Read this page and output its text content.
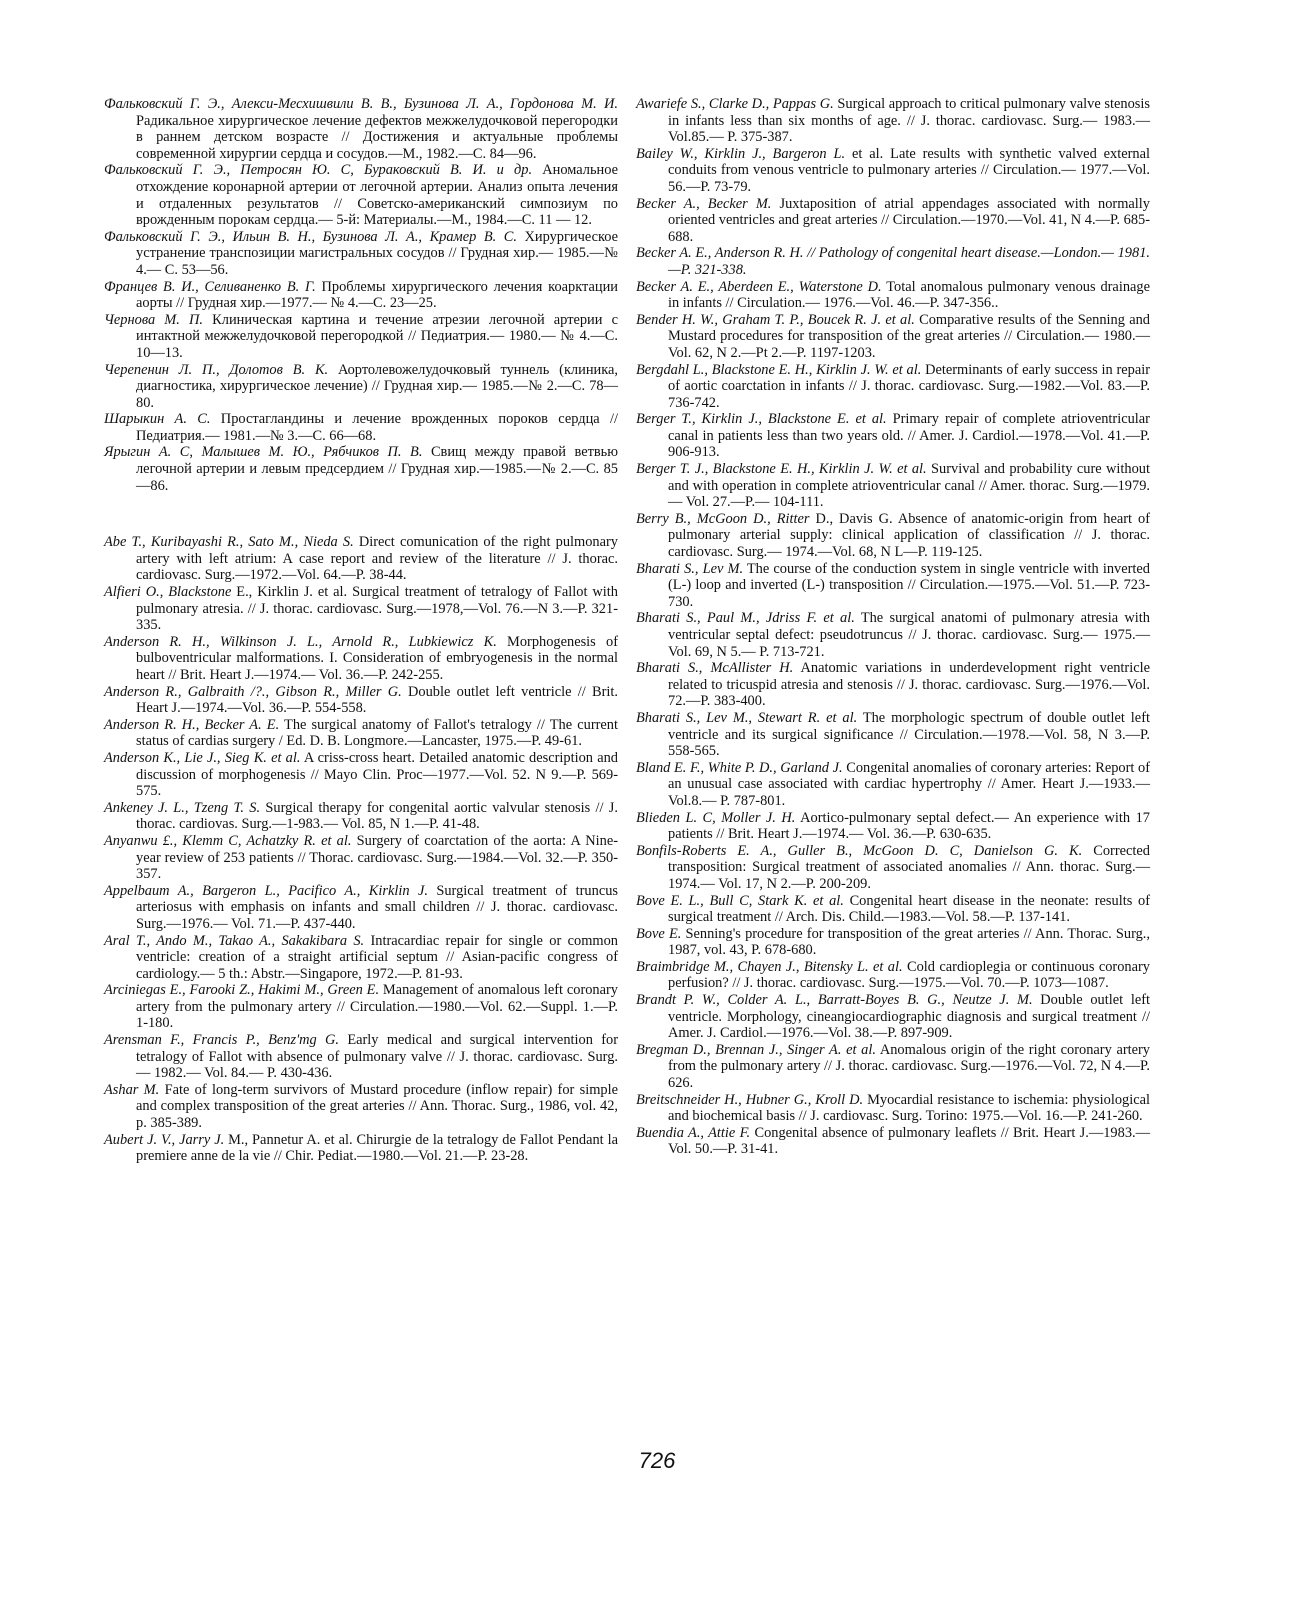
Фальковский Г. Э., Алекси-Месхишвили В. В., Бузинова Л. А., Гордонова М. И. Радикальное хирургическое лечение дефектов межжелудочковой перегородки в раннем детском возрасте // Достижения и актуальные проблемы современной хирургии сердца и сосудов.—М., 1982.—С. 84—96.

Фальковский Г. Э., Петросян Ю. С, Бураковский В. И. и др. Аномальное отхождение коронарной артерии от легочной артерии. Анализ опыта лечения и отдаленных результатов // Советско-американский симпозиум по врожденным порокам сердца.— 5-й: Материалы.—М., 1984.—С. 11 — 12.

Фальковский Г. Э., Ильин В. Н., Бузинова Л. А., Крамер В. С. Хирургическое устранение транспозиции магистральных сосудов // Грудная хир.— 1985.—№ 4.— С. 53—56.

Францев В. И., Селиваненко В. Г. Проблемы хирургического лечения коарктации аорты // Грудная хир.—1977.— № 4.—С. 23—25.

Чернова М. П. Клиническая картина и течение атрезии легочной артерии с интактной межжелудочковой перегородкой // Педиатрия.— 1980.— № 4.—С. 10—13.

Черепенин Л. П., Долотов В. К. Аортолевожелудочковый туннель (клиника, диагностика, хирургическое лечение) // Грудная хир.— 1985.—№ 2.—С. 78—80.

Шарыкин А. С. Простагландины и лечение врожденных пороков сердца // Педиатрия.— 1981.—№ 3.—С. 66—68.

Ярыгин А. С, Малышев М. Ю., Рябчиков П. В. Свищ между правой ветвью легочной артерии и левым предсердием // Грудная хир.—1985.—№ 2.—С. 85—86.

Abe T., Kuribayashi R., Sato M., Nieda S. Direct comunication of the right pulmonary artery with left atrium: A case report and review of the literature // J. thorac. cardiovasc. Surg.—1972.—Vol. 64.—P. 38-44.

Alfieri O., Blackstone E., Kirklin J. et al. Surgical treatment of tetralogy of Fallot with pulmonary atresia. // J. thorac. cardiovasc. Surg.—1978,—Vol. 76.—N 3.—P. 321-335.

Anderson R. H., Wilkinson J. L., Arnold R., Lubkiewicz K. Morphogenesis of bulboventricular malformations. I. Consideration of embryogenesis in the normal heart // Brit. Heart J.—1974.— Vol. 36.—P. 242-255.

Anderson R., Galbraith /?., Gibson R., Miller G. Double outlet left ventricle // Brit. Heart J.—1974.—Vol. 36.—P. 554-558.

Anderson R. H., Becker A. E. The surgical anatomy of Fallot's tetralogy // The current status of cardias surgery / Ed. D. B. Longmore.—Lancaster, 1975.—P. 49-61.

Anderson K., Lie J., Sieg K. et al. A criss-cross heart. Detailed anatomic description and discussion of morphogenesis // Mayo Clin. Proc—1977.—Vol. 52. N 9.—P. 569-575.

Ankeney J. L., Tzeng T. S. Surgical therapy for congenital aortic valvular stenosis // J. thorac. cardiovas. Surg.—1-983.— Vol. 85, N 1.—P. 41-48.

Anyanwu £., Klemm C, Achatzky R. et al. Surgery of coarctation of the aorta: A Nine-year review of 253 patients // Thorac. cardiovasc. Surg.—1984.—Vol. 32.—P. 350-357.

Appelbaum A., Bargeron L., Pacifico A., Kirklin J. Surgical treatment of truncus arteriosus with emphasis on infants and small children // J. thorac. cardiovasc. Surg.—1976.— Vol. 71.—P. 437-440.

Aral T., Ando M., Takao A., Sakakibara S. Intracardiac repair for single or common ventricle: creation of a straight artificial septum // Asian-pacific congress of cardiology.— 5 th.: Abstr.—Singapore, 1972.—P. 81-93.

Arciniegas E., Farooki Z., Hakimi M., Green E. Management of anomalous left coronary artery from the pulmonary artery // Circulation.—1980.—Vol. 62.—Suppl. 1.—P. 1-180.

Arensman F., Francis P., Benz'mg G. Early medical and surgical intervention for tetralogy of Fallot with absence of pulmonary valve // J. thorac. cardiovasc. Surg.— 1982.— Vol. 84.— P. 430-436.

Ashar M. Fate of long-term survivors of Mustard procedure (inflow repair) for simple and complex transposition of the great arteries // Ann. Thorac. Surg., 1986, vol. 42, p. 385-389.

Aubert J. V., Jarry J. M., Pannetur A. et al. Chirurgie de la tetralogy de Fallot Pendant la premiere anne de la vie // Chir. Pediat.—1980.—Vol. 21.—P. 23-28.

Awariefe S., Clarke D., Pappas G. Surgical approach to critical pulmonary valve stenosis in infants less than six months of age. // J. thorac. cardiovasc. Surg.— 1983.—Vol.85.— P. 375-387.

Bailey W., Kirklin J., Bargeron L. et al. Late results with synthetic valved external conduits from venous ventricle to pulmonary arteries // Circulation.— 1977.—Vol. 56.—P. 73-79.

Becker A., Becker M. Juxtaposition of atrial appendages associated with normally oriented ventricles and great arteries // Circulation.—1970.—Vol. 41, N 4.—P. 685-688.

Becker A. E., Anderson R. H. // Pathology of congenital heart disease.—London.— 1981.—P. 321-338.

Becker A. E., Aberdeen E., Waterstone D. Total anomalous pulmonary venous drainage in infants // Circulation.— 1976.—Vol. 46.—P. 347-356..

Bender H. W., Graham T. P., Boucek R. J. et al. Comparative results of the Senning and Mustard procedures for transposition of the great arteries // Circulation.— 1980.— Vol. 62, N 2.—Pt 2.—P. 1197-1203.

Bergdahl L., Blackstone E. H., Kirklin J. W. et al. Determinants of early success in repair of aortic coarctation in infants // J. thorac. cardiovasc. Surg.—1982.—Vol. 83.—P. 736-742.

Berger T., Kirklin J., Blackstone E. et al. Primary repair of complete atrioventricular canal in patients less than two years old. // Amer. J. Cardiol.—1978.—Vol. 41.—P. 906-913.

Berger T. J., Blackstone E. H., Kirklin J. W. et al. Survival and probability cure without and with operation in complete atrioventricular canal // Amer. thorac. Surg.—1979.— Vol. 27.—P.— 104-111.

Berry B., McGoon D., Ritter D., Davis G. Absence of anatomic-origin from heart of pulmonary arterial supply: clinical application of classification // J. thorac. cardiovasc. Surg.— 1974.—Vol. 68, N L—P. 119-125.

Bharati S., Lev M. The course of the conduction system in single ventricle with inverted (L-) loop and inverted (L-) transposition // Circulation.—1975.—Vol. 51.—P. 723-730.

Bharati S., Paul M., Jdriss F. et al. The surgical anatomi of pulmonary atresia with ventricular septal defect: pseudotruncus // J. thorac. cardiovasc. Surg.— 1975.— Vol. 69, N 5.— P. 713-721.

Bharati S., McAllister H. Anatomic variations in underdevelopment right ventricle related to tricuspid atresia and stenosis // J. thorac. cardiovasc. Surg.—1976.—Vol. 72.—P. 383-400.

Bharati S., Lev M., Stewart R. et al. The morphologic spectrum of double outlet left ventricle and its surgical significance // Circulation.—1978.—Vol. 58, N 3.—P. 558-565.

Bland E. F., White P. D., Garland J. Congenital anomalies of coronary arteries: Report of an unusual case associated with cardiac hypertrophy // Amer. Heart J.—1933.— Vol.8.— P. 787-801.

Blieden L. C, Moller J. H. Aortico-pulmonary septal defect.— An experience with 17 patients // Brit. Heart J.—1974.— Vol. 36.—P. 630-635.

Bonfils-Roberts E. A., Guller B., McGoon D. C, Danielson G. K. Corrected transposition: Surgical treatment of associated anomalies // Ann. thorac. Surg.— 1974.— Vol. 17, N 2.—P. 200-209.

Bove E. L., Bull C, Stark K. et al. Congenital heart disease in the neonate: results of surgical treatment // Arch. Dis. Child.—1983.—Vol. 58.—P. 137-141.

Bove E. Senning's procedure for transposition of the great arteries // Ann. Thorac. Surg., 1987, vol. 43, P. 678-680.

Braimbridge M., Chayen J., Bitensky L. et al. Cold cardioplegia or continuous coronary perfusion? // J. thorac. cardiovasc. Surg.—1975.—Vol. 70.—P. 1073—1087.

Brandt P. W., Colder A. L., Barratt-Boyes B. G., Neutze J. M. Double outlet left ventricle. Morphology, cineangiocardiographic diagnosis and surgical treatment // Amer. J. Cardiol.—1976.—Vol. 38.—P. 897-909.

Bregman D., Brennan J., Singer A. et al. Anomalous origin of the right coronary artery from the pulmonary artery // J. thorac. cardiovasc. Surg.—1976.—Vol. 72, N 4.—P. 626.

Breitschneider H., Hubner G., Kroll D. Myocardial resistance to ischemia: physiological and biochemical basis // J. cardiovasc. Surg. Torino: 1975.—Vol. 16.—P. 241-260.

Buendia A., Attie F. Congenital absence of pulmonary leaflets // Brit. Heart J.—1983.—Vol. 50.—P. 31-41.

726
